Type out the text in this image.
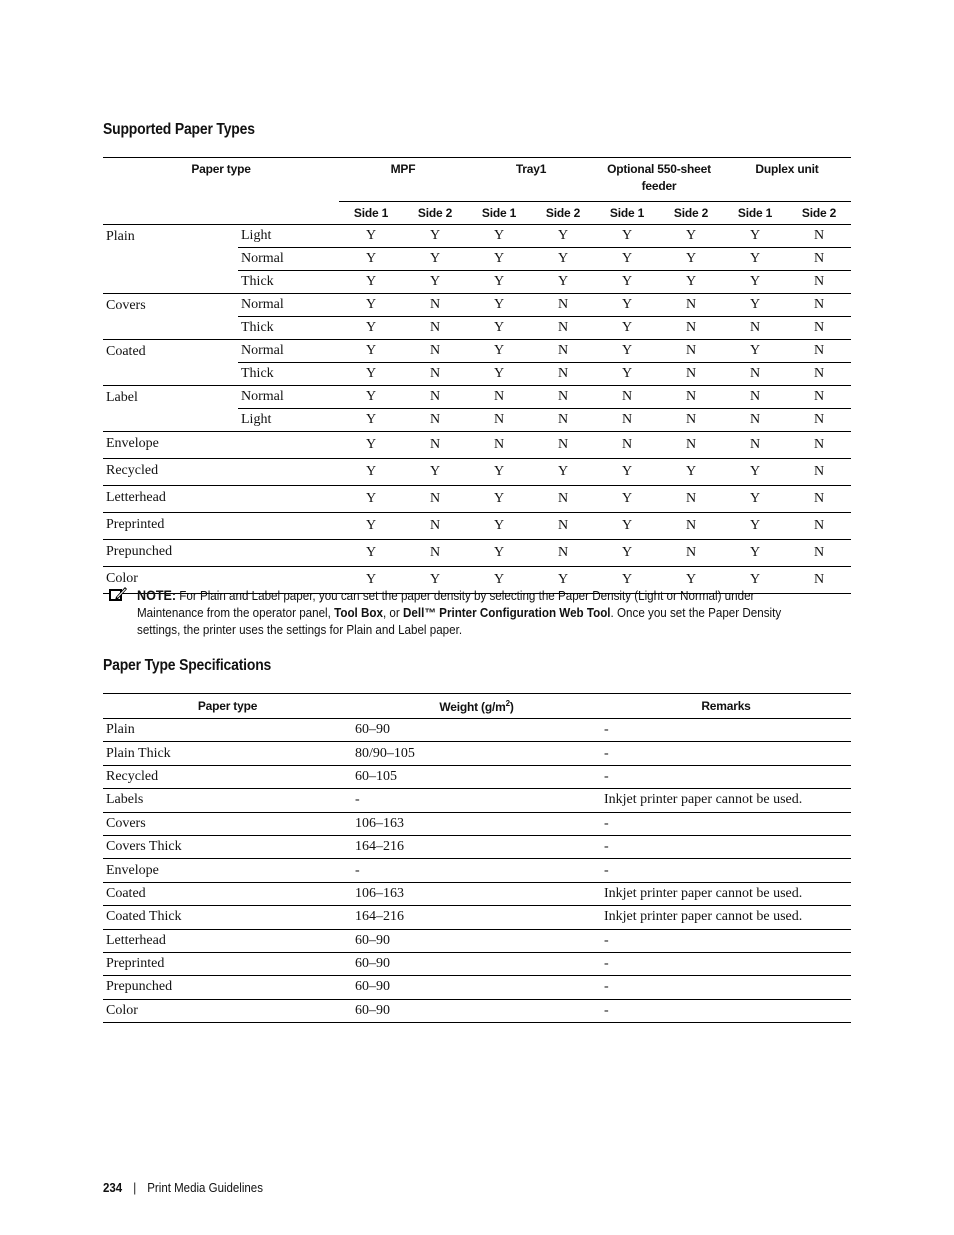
Supported Paper Types
Paper type		MPF		Tray1		Optional 550-sheet feeder		Duplex unit	
		Side 1	Side 2	Side 1	Side 2	Side 1	Side 2	Side 1	Side 2
Plain	Light	Y	Y	Y	Y	Y	Y	Y	N
	Normal	Y	Y	Y	Y	Y	Y	Y	N
	Thick	Y	Y	Y	Y	Y	Y	Y	N
Covers	Normal	Y	N	Y	N	Y	N	Y	N
	Thick	Y	N	Y	N	Y	N	N	N
Coated	Normal	Y	N	Y	N	Y	N	Y	N
	Thick	Y	N	Y	N	Y	N	N	N
Label	Normal	Y	N	N	N	N	N	N	N
	Light	Y	N	N	N	N	N	N	N
Envelope		Y	N	N	N	N	N	N	N
Recycled		Y	Y	Y	Y	Y	Y	Y	N
Letterhead		Y	N	Y	N	Y	N	Y	N
Preprinted		Y	N	Y	N	Y	N	Y	N
Prepunched		Y	N	Y	N	Y	N	Y	N
Color		Y	Y	Y	Y	Y	Y	Y	N
NOTE: For Plain and Label paper, you can set the paper density by selecting the Paper Density (Light or Normal) under Maintenance from the operator panel, Tool Box, or Dell™ Printer Configuration Web Tool. Once you set the Paper Density settings, the printer uses the settings for Plain and Label paper.
Paper Type Specifications
Paper type	Weight $(g/m^2)$	Remarks
Plain	60–90	-
Plain Thick	80/90–105	-
Recycled	60–105	-
Labels	-	Inkjet printer paper cannot be used.
Covers	106–163	-
Covers Thick	164–216	-
Envelope	-	-
Coated	106–163	Inkjet printer paper cannot be used.
Coated Thick	164–216	Inkjet printer paper cannot be used.
Letterhead	60–90	-
Preprinted	60–90	-
Prepunched	60–90	-
Color	60–90	-
234 | Print Media Guidelines
